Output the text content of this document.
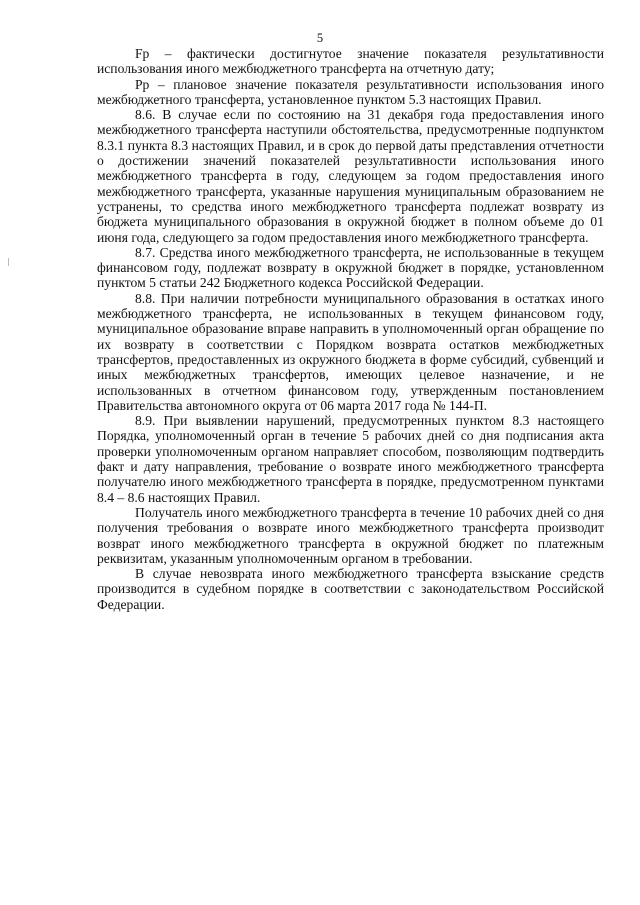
5

Fp – фактически достигнутое значение показателя результативности использования иного межбюджетного трансферта на отчетную дату;

Pp – плановое значение показателя результативности использования иного межбюджетного трансферта, установленное пунктом 5.3 настоящих Правил.

8.6. В случае если по состоянию на 31 декабря года предоставления иного межбюджетного трансферта наступили обстоятельства, предусмотренные подпунктом 8.3.1 пункта 8.3 настоящих Правил, и в срок до первой даты представления отчетности о достижении значений показателей результативности использования иного межбюджетного трансферта в году, следующем за годом предоставления иного межбюджетного трансферта, указанные нарушения муниципальным образованием не устранены, то средства иного межбюджетного трансферта подлежат возврату из бюджета муниципального образования в окружной бюджет в полном объеме до 01 июня года, следующего за годом предоставления иного межбюджетного трансферта.

8.7. Средства иного межбюджетного трансферта, не использованные в текущем финансовом году, подлежат возврату в окружной бюджет в порядке, установленном пунктом 5 статьи 242 Бюджетного кодекса Российской Федерации.

8.8. При наличии потребности муниципального образования в остатках иного межбюджетного трансферта, не использованных в текущем финансовом году, муниципальное образование вправе направить в уполномоченный орган обращение по их возврату в соответствии с Порядком возврата остатков межбюджетных трансфертов, предоставленных из окружного бюджета в форме субсидий, субвенций и иных межбюджетных трансфертов, имеющих целевое назначение, и не использованных в отчетном финансовом году, утвержденным постановлением Правительства автономного округа от 06 марта 2017 года № 144-П.

8.9. При выявлении нарушений, предусмотренных пунктом 8.3 настоящего Порядка, уполномоченный орган в течение 5 рабочих дней со дня подписания акта проверки уполномоченным органом направляет способом, позволяющим подтвердить факт и дату направления, требование о возврате иного межбюджетного трансферта получателю иного межбюджетного трансферта в порядке, предусмотренном пунктами 8.4 – 8.6 настоящих Правил.

Получатель иного межбюджетного трансферта в течение 10 рабочих дней со дня получения требования о возврате иного межбюджетного трансферта производит возврат иного межбюджетного трансферта в окружной бюджет по платежным реквизитам, указанным уполномоченным органом в требовании.

В случае невозврата иного межбюджетного трансферта взыскание средств производится в судебном порядке в соответствии с законодательством Российской Федерации.
